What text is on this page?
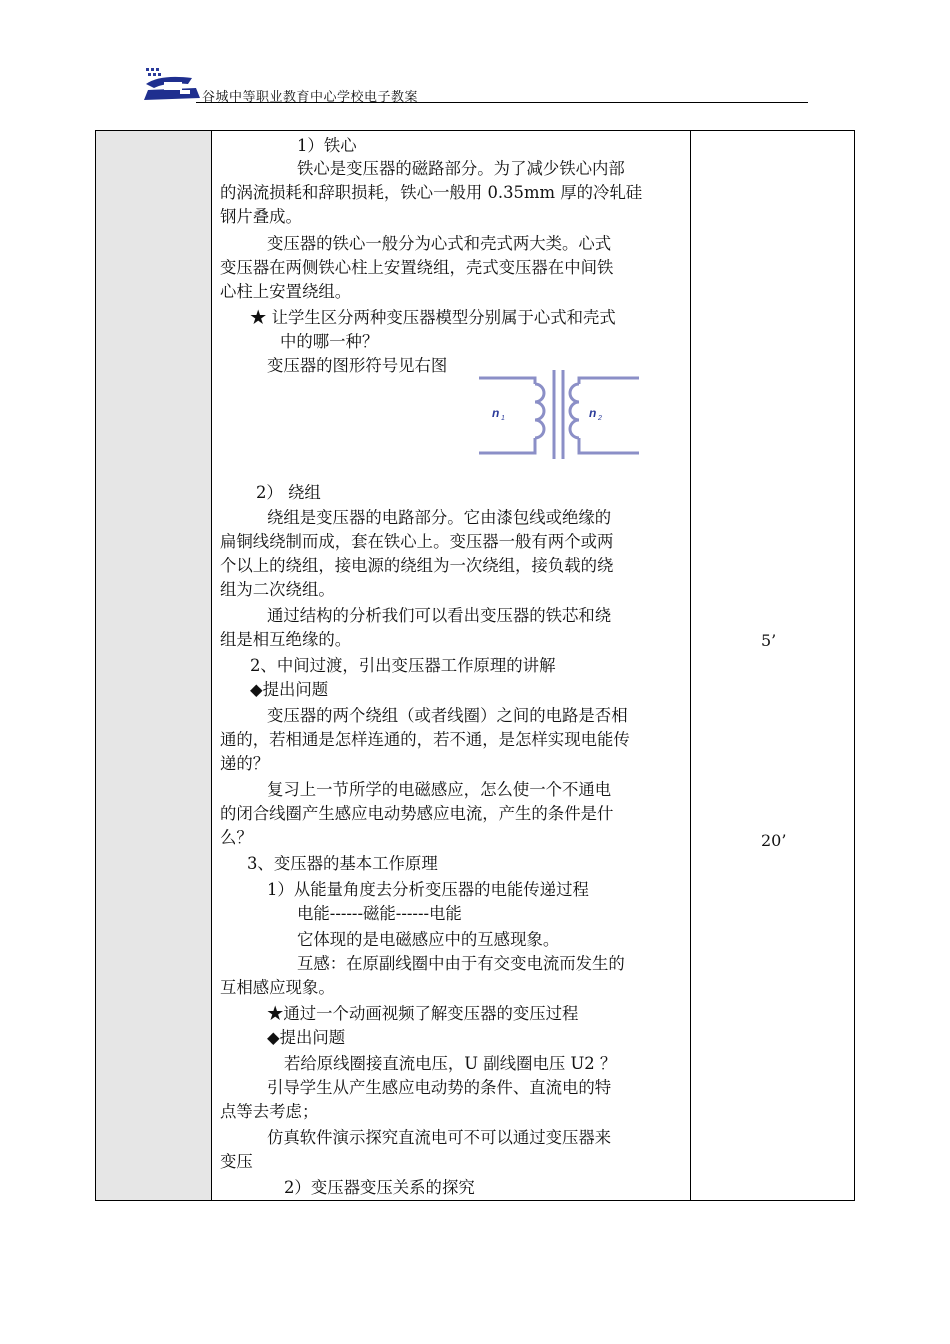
谷城中等职业教育中心学校电子教案
1）铁心
铁心是变压器的磁路部分。为了减少铁心内部
的涡流损耗和辞职损耗，铁心一般用 0.35mm 厚的冷轧硅
钢片叠成。
变压器的铁心一般分为心式和壳式两大类。心式
变压器在两侧铁心柱上安置绕组，壳式变压器在中间铁
心柱上安置绕组。
★ 让学生区分两种变压器模型分别属于心式和壳式
中的哪一种？
变压器的图形符号见右图
n 1	n 2
2） 绕组
绕组是变压器的电路部分。它由漆包线或绝缘的
扁铜线绕制而成，套在铁心上。变压器一般有两个或两
个以上的绕组，接电源的绕组为一次绕组，接负载的绕
组为二次绕组。
通过结构的分析我们可以看出变压器的铁芯和绕
组是相互绝缘的。
2、中间过渡，引出变压器工作原理的讲解
◆提出问题
变压器的两个绕组（或者线圈）之间的电路是否相
通的，若相通是怎样连通的，若不通，是怎样实现电能传
递的？
复习上一节所学的电磁感应，怎么使一个不通电
的闭合线圈产生感应电动势感应电流，产生的条件是什
么？
3、变压器的基本工作原理
1）从能量角度去分析变压器的电能传递过程
电能------磁能------电能
它体现的是电磁感应中的互感现象。
互感：在原副线圈中由于有交变电流而发生的
互相感应现象。
★通过一个动画视频了解变压器的变压过程
◆提出问题
若给原线圈接直流电压，U 副线圈电压 U2 ？
引导学生从产生感应电动势的条件、直流电的特
点等去考虑；
仿真软件演示探究直流电可不可以通过变压器来
变压
2）变压器变压关系的探究
5’
20’
